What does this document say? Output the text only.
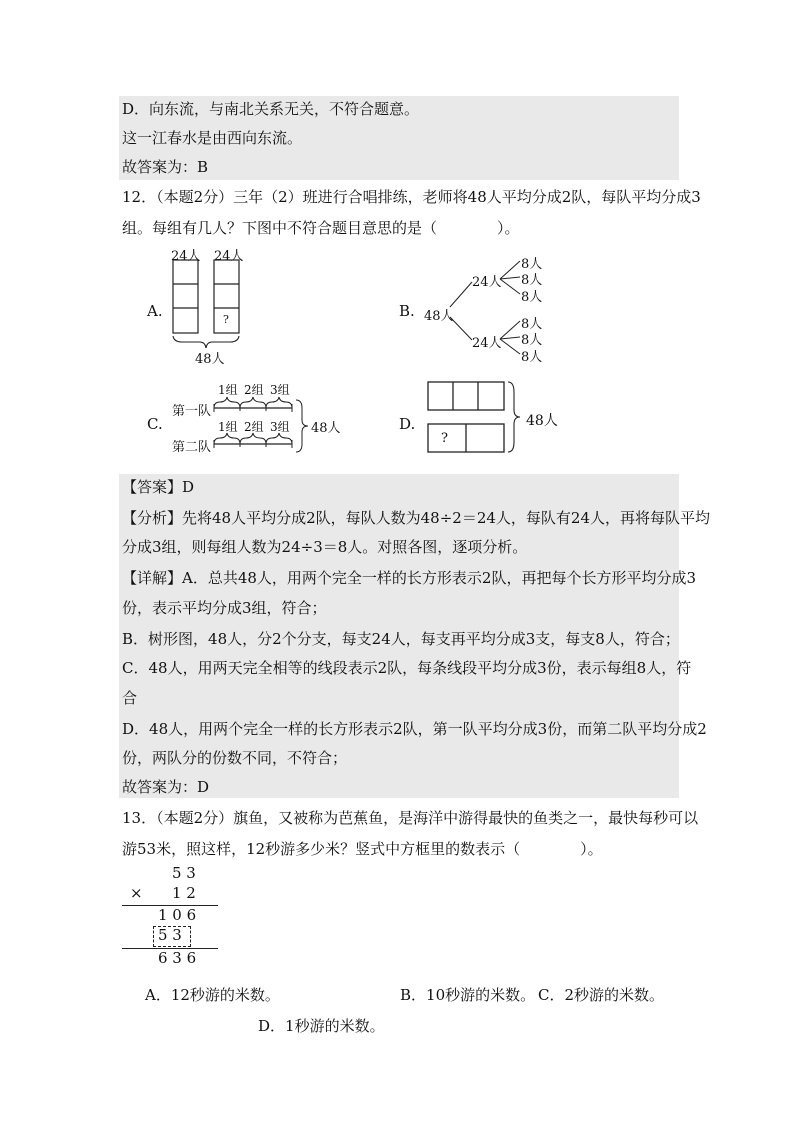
D．向东流，与南北关系无关，不符合题意。
这一江春水是由西向东流。
故答案为：B
12．（本题2分）三年（2）班进行合唱排练，老师将48人平均分成2队，每队平均分成3
组。每组有几人？下图中不符合题目意思的是（　　　　）。
A.
24人 24人
?
48人
B. 48人
24人
24人
8人
8人
8人
8人
8人
8人
C.
1组 2组 3组
第一队
1组 2组 3组
第二队
48人	D.
?
48人
【答案】D
【分析】先将48人平均分成2队，每队人数为48÷2＝24人，每队有24人，再将每队平均
分成3组，则每组人数为24÷3＝8人。对照各图，逐项分析。
【详解】A．总共48人，用两个完全一样的长方形表示2队，再把每个长方形平均分成3
份，表示平均分成3组，符合；
B．树形图，48人，分2个分支，每支24人，每支再平均分成3支，每支8人，符合；
C．48人，用两天完全相等的线段表示2队，每条线段平均分成3份，表示每组8人，符
合
D．48人，用两个完全一样的长方形表示2队，第一队平均分成3份，而第二队平均分成2
份，两队分的份数不同，不符合；
故答案为：D
13．（本题2分）旗鱼，又被称为芭蕉鱼，是海洋中游得最快的鱼类之一，最快每秒可以
游53米，照这样，12秒游多少米？竖式中方框里的数表示（　　　　）。
5 3
× 1 2
1 0 6
5 3
6 3 6
A．12秒游的米数。	B．10秒游的米数。 C．2秒游的米数。
D．1秒游的米数。
